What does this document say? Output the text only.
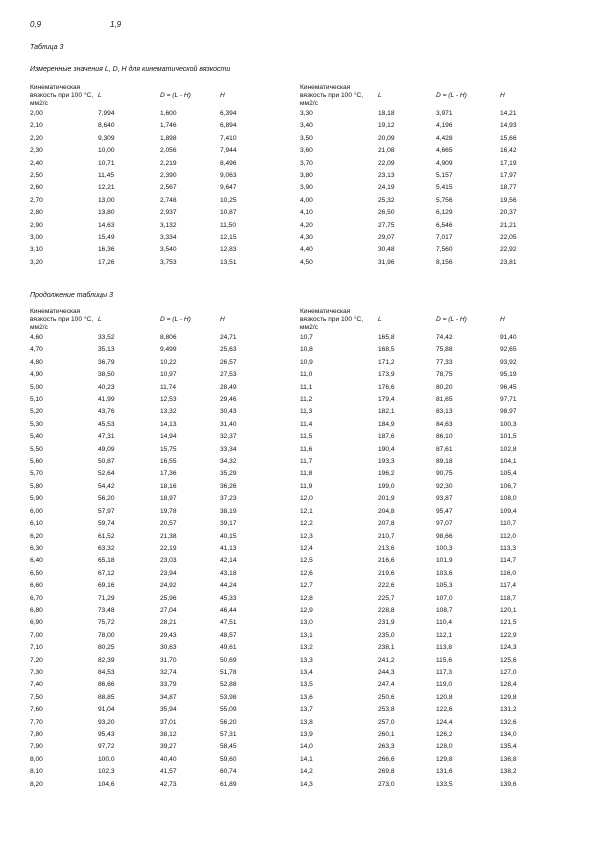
0,9	1,9
Таблица 3
Измеренные значения L, D, H для кинематической вязкости
Кинематическая вязкость при 100 °C, мм2/с	L	D = (L - H)	H	Кинематическая вязкость при 100 °C, мм2/с	L	D = (L - H)	H
2,00	7,994	1,600	6,394	3,30	18,18	3,971	14,21
2,10	8,640	1,746	6,894	3,40	19,12	4,196	14,93
2,20	9,309	1,898	7,410	3,50	20,09	4,428	15,66
2,30	10,00	2,056	7,944	3,60	21,08	4,665	16,42
2,40	10,71	2,219	8,496	3,70	22,09	4,909	17,19
2,50	11,45	2,390	9,063	3,80	23,13	5,157	17,97
2,60	12,21	2,567	9,647	3,90	24,19	5,415	18,77
2,70	13,00	2,748	10,25	4,00	25,32	5,756	19,56
2,80	13,80	2,937	10,87	4,10	26,50	6,129	20,37
2,90	14,63	3,132	11,50	4,20	27,75	6,546	21,21
3,00	15,49	3,334	12,15	4,30	29,07	7,017	22,05
3,10	16,36	3,540	12,83	4,40	30,48	7,560	22,92
3,20	17,26	3,753	13,51	4,50	31,96	8,156	23,81
Продолжение таблицы 3
Кинематическая вязкость при 100 °C, мм2/с	L	D = (L - H)	H	Кинематическая вязкость при 100 °C, мм2/с	L	D = (L - H)	H
4,60	33,52	8,806	24,71	10,7	165,8	74,42	91,40
4,70	35,13	9,499	25,63	10,8	168,5	75,88	92,65
4,80	36,79	10,22	26,57	10,9	171,2	77,33	93,92
4,90	38,50	10,97	27,53	11,0	173,9	78,75	95,19
5,00	40,23	11,74	28,49	11,1	176,6	80,20	96,45
5,10	41,99	12,53	29,46	11,2	179,4	81,65	97,71
5,20	43,76	13,32	30,43	11,3	182,1	83,13	98,97
5,30	45,53	14,13	31,40	11,4	184,9	84,63	100,3
5,40	47,31	14,94	32,37	11,5	187,6	86,10	101,5
5,50	49,09	15,75	33,34	11,6	190,4	87,61	102,8
5,60	50,87	16,55	34,32	11,7	193,3	89,18	104,1
5,70	52,64	17,36	35,29	11,8	196,2	90,75	105,4
5,80	54,42	18,16	36,26	11,9	199,0	92,30	106,7
5,90	56,20	18,97	37,23	12,0	201,9	93,87	108,0
6,00	57,97	19,78	38,19	12,1	204,8	95,47	109,4
6,10	59,74	20,57	39,17	12,2	207,8	97,07	110,7
6,20	61,52	21,38	40,15	12,3	210,7	98,66	112,0
6,30	63,32	22,19	41,13	12,4	213,6	100,3	113,3
6,40	65,18	23,03	42,14	12,5	216,6	101,9	114,7
6,50	67,12	23,94	43,18	12,6	219,6	103,6	116,0
6,60	69,16	24,92	44,24	12,7	222,6	105,3	117,4
6,70	71,29	25,96	45,33	12,8	225,7	107,0	118,7
6,80	73,48	27,04	46,44	12,9	228,8	108,7	120,1
6,90	75,72	28,21	47,51	13,0	231,9	110,4	121,5
7,00	78,00	29,43	48,57	13,1	235,0	112,1	122,9
7,10	80,25	30,63	49,61	13,2	238,1	113,8	124,3
7,20	82,39	31,70	50,69	13,3	241,2	115,6	125,6
7,30	84,53	32,74	51,78	13,4	244,3	117,3	127,0
7,40	86,66	33,79	52,88	13,5	247,4	119,0	128,4
7,50	88,85	34,87	53,98	13,6	250,6	120,8	129,8
7,60	91,04	35,94	55,09	13,7	253,8	122,6	131,2
7,70	93,20	37,01	56,20	13,8	257,0	124,4	132,6
7,80	95,43	38,12	57,31	13,9	260,1	126,2	134,0
7,90	97,72	39,27	58,45	14,0	263,3	128,0	135,4
8,00	100,0	40,40	59,60	14,1	266,6	129,8	136,8
8,10	102,3	41,57	60,74	14,2	269,8	131,6	138,2
8,20	104,6	42,73	61,89	14,3	273,0	133,5	139,6
